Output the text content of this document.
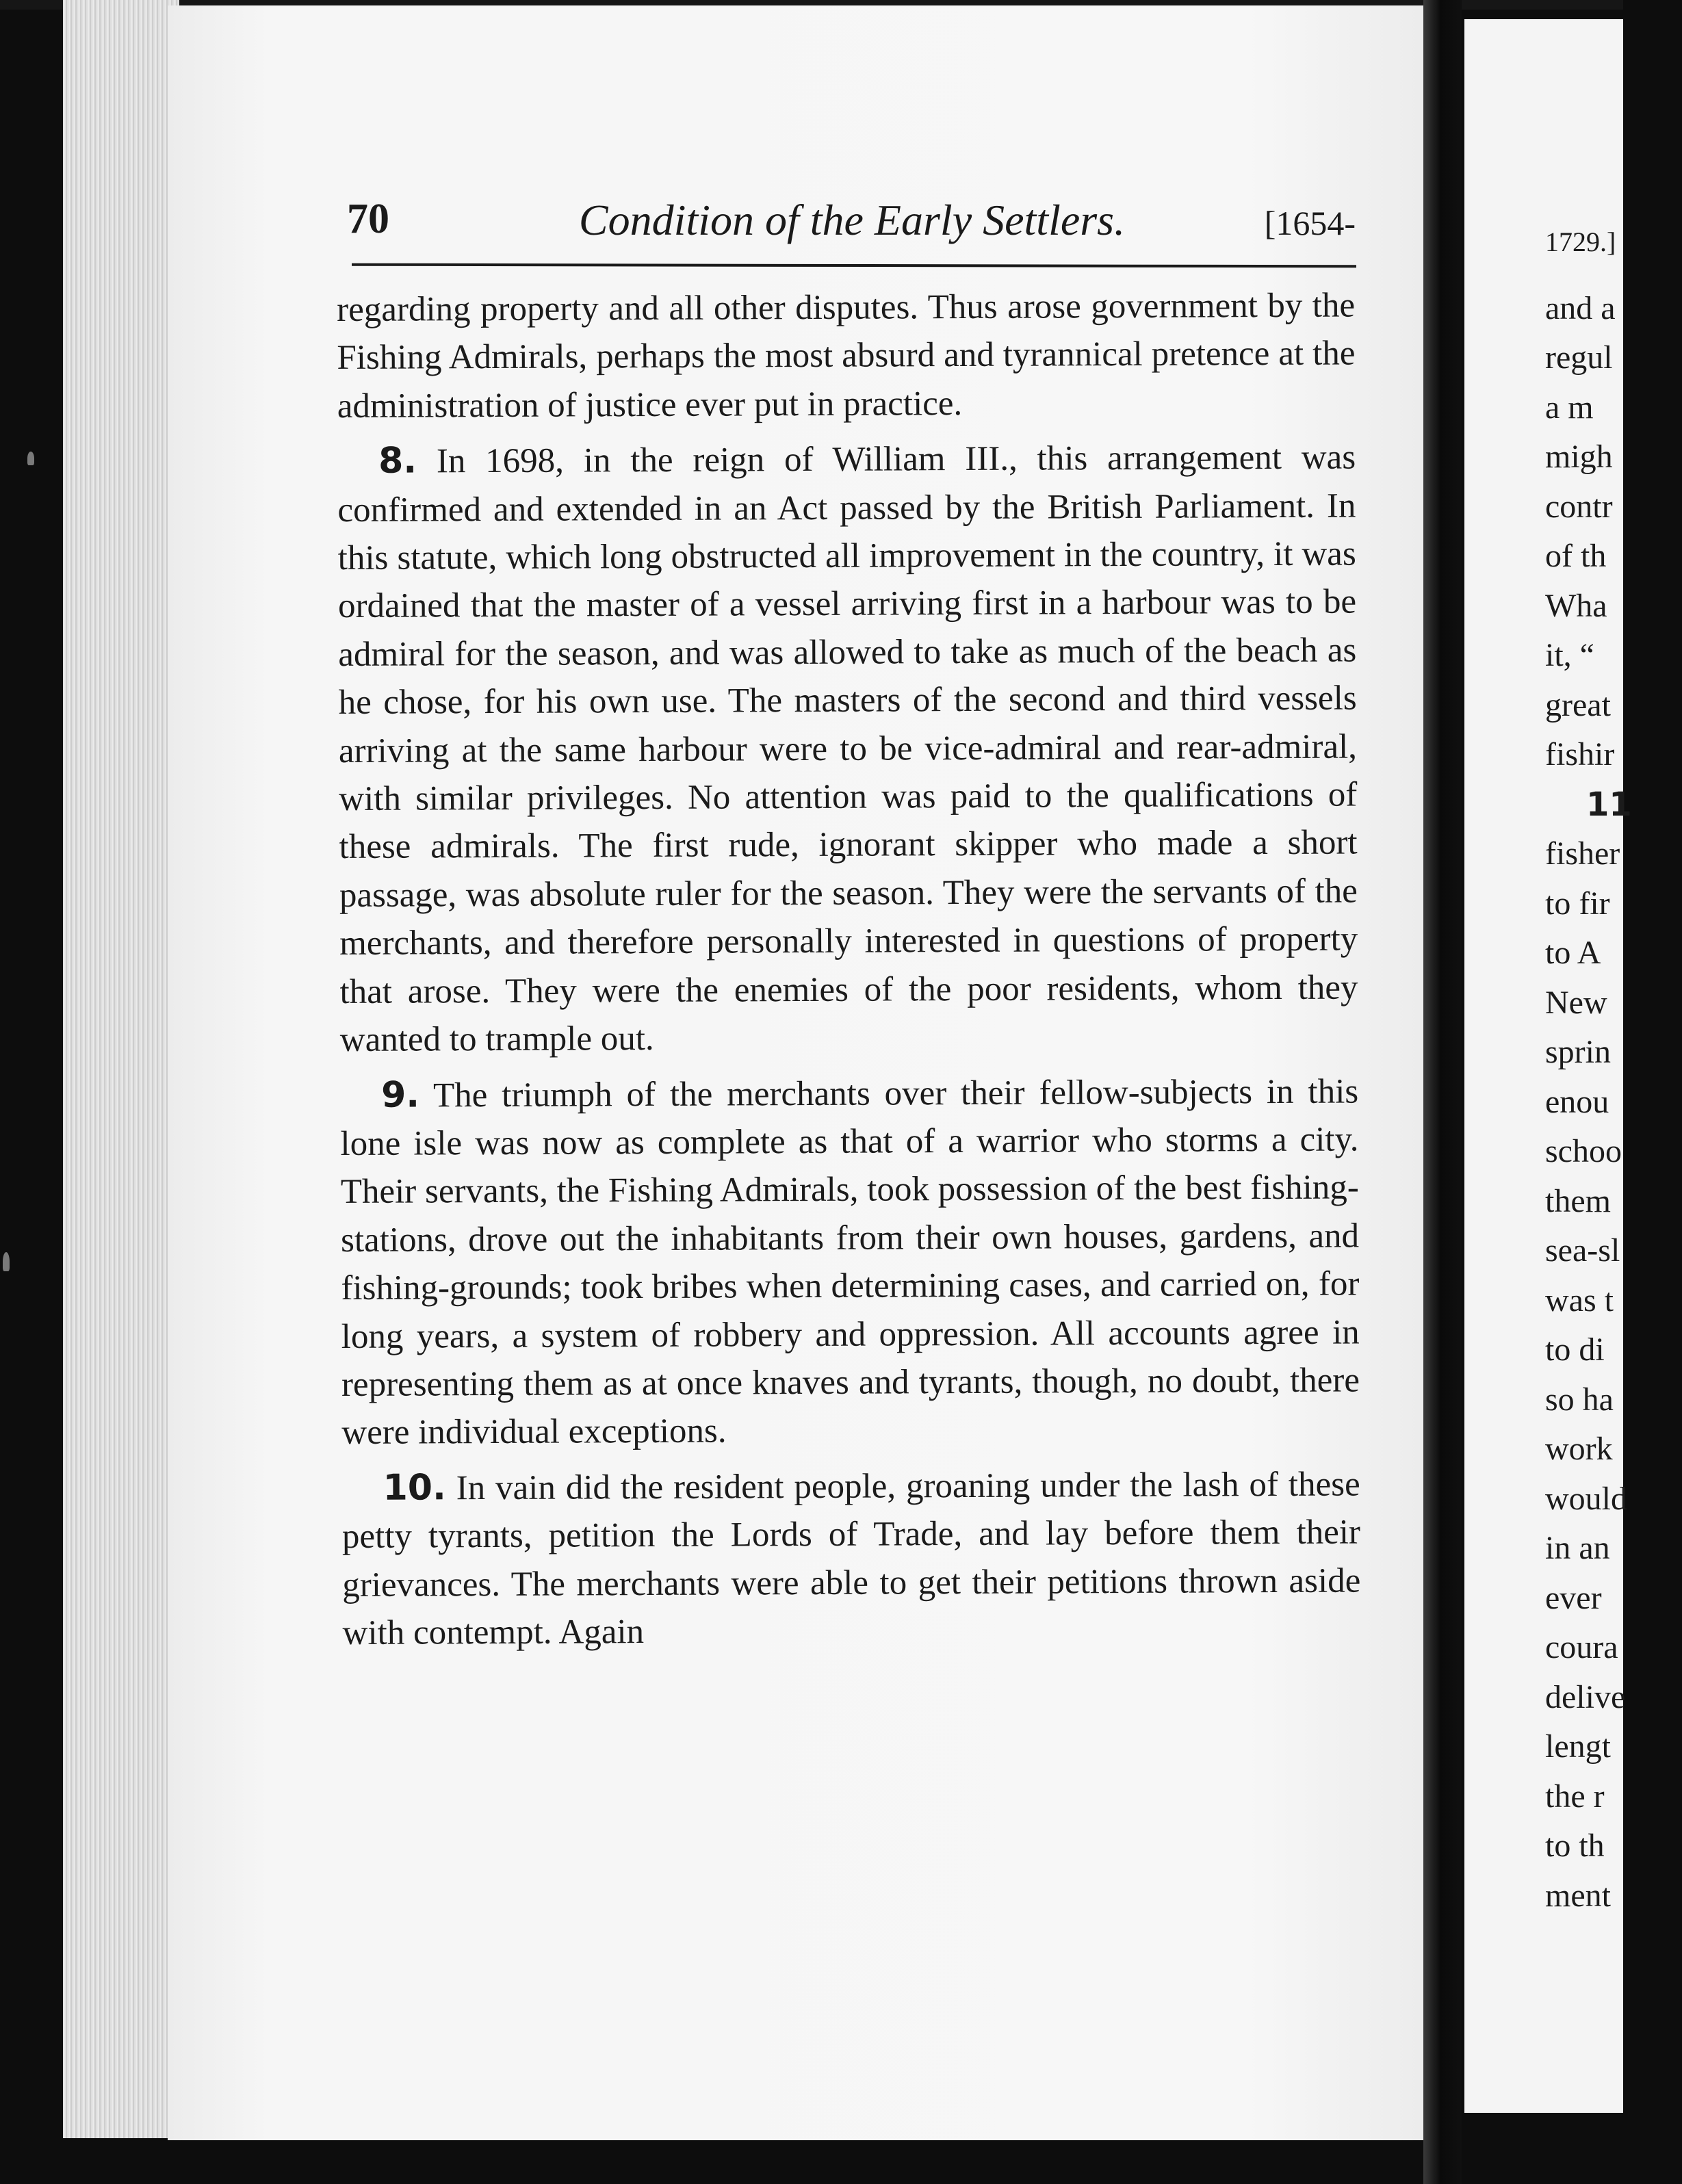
70	Condition of the Early Settlers.	[1654-

regarding property and all other disputes. Thus arose government by the Fishing Admirals, perhaps the most absurd and tyrannical pretence at the administration of justice ever put in practice.

8. In 1698, in the reign of William III., this arrangement was confirmed and extended in an Act passed by the British Parliament. In this statute, which long obstructed all improvement in the country, it was ordained that the master of a vessel arriving first in a harbour was to be admiral for the season, and was allowed to take as much of the beach as he chose, for his own use. The masters of the second and third vessels arriving at the same harbour were to be vice-admiral and rear-admiral, with similar privileges. No attention was paid to the qualifications of these admirals. The first rude, ignorant skipper who made a short passage, was absolute ruler for the season. They were the servants of the merchants, and therefore personally interested in questions of property that arose. They were the enemies of the poor residents, whom they wanted to trample out.

9. The triumph of the merchants over their fellow-subjects in this lone isle was now as complete as that of a warrior who storms a city. Their servants, the Fishing Admirals, took possession of the best fishing-stations, drove out the inhabitants from their own houses, gardens, and fishing-grounds; took bribes when determining cases, and carried on, for long years, a system of robbery and oppression. All accounts agree in representing them as at once knaves and tyrants, though, no doubt, there were individual exceptions.

10. In vain did the resident people, groaning under the lash of these petty tyrants, petition the Lords of Trade, and lay before them their grievances. The merchants were able to get their petitions thrown aside with contempt. Again

1729.]
and a
regul
a m
migh
contr
of th
Wha
it, “
great
fishir
11
fisher
to fir
to A
New
sprin
enou
schoo
them
sea-sl
was t
to di
so ha
work
would
in an
ever
coura
delive
lengt
the r
to th
ment
